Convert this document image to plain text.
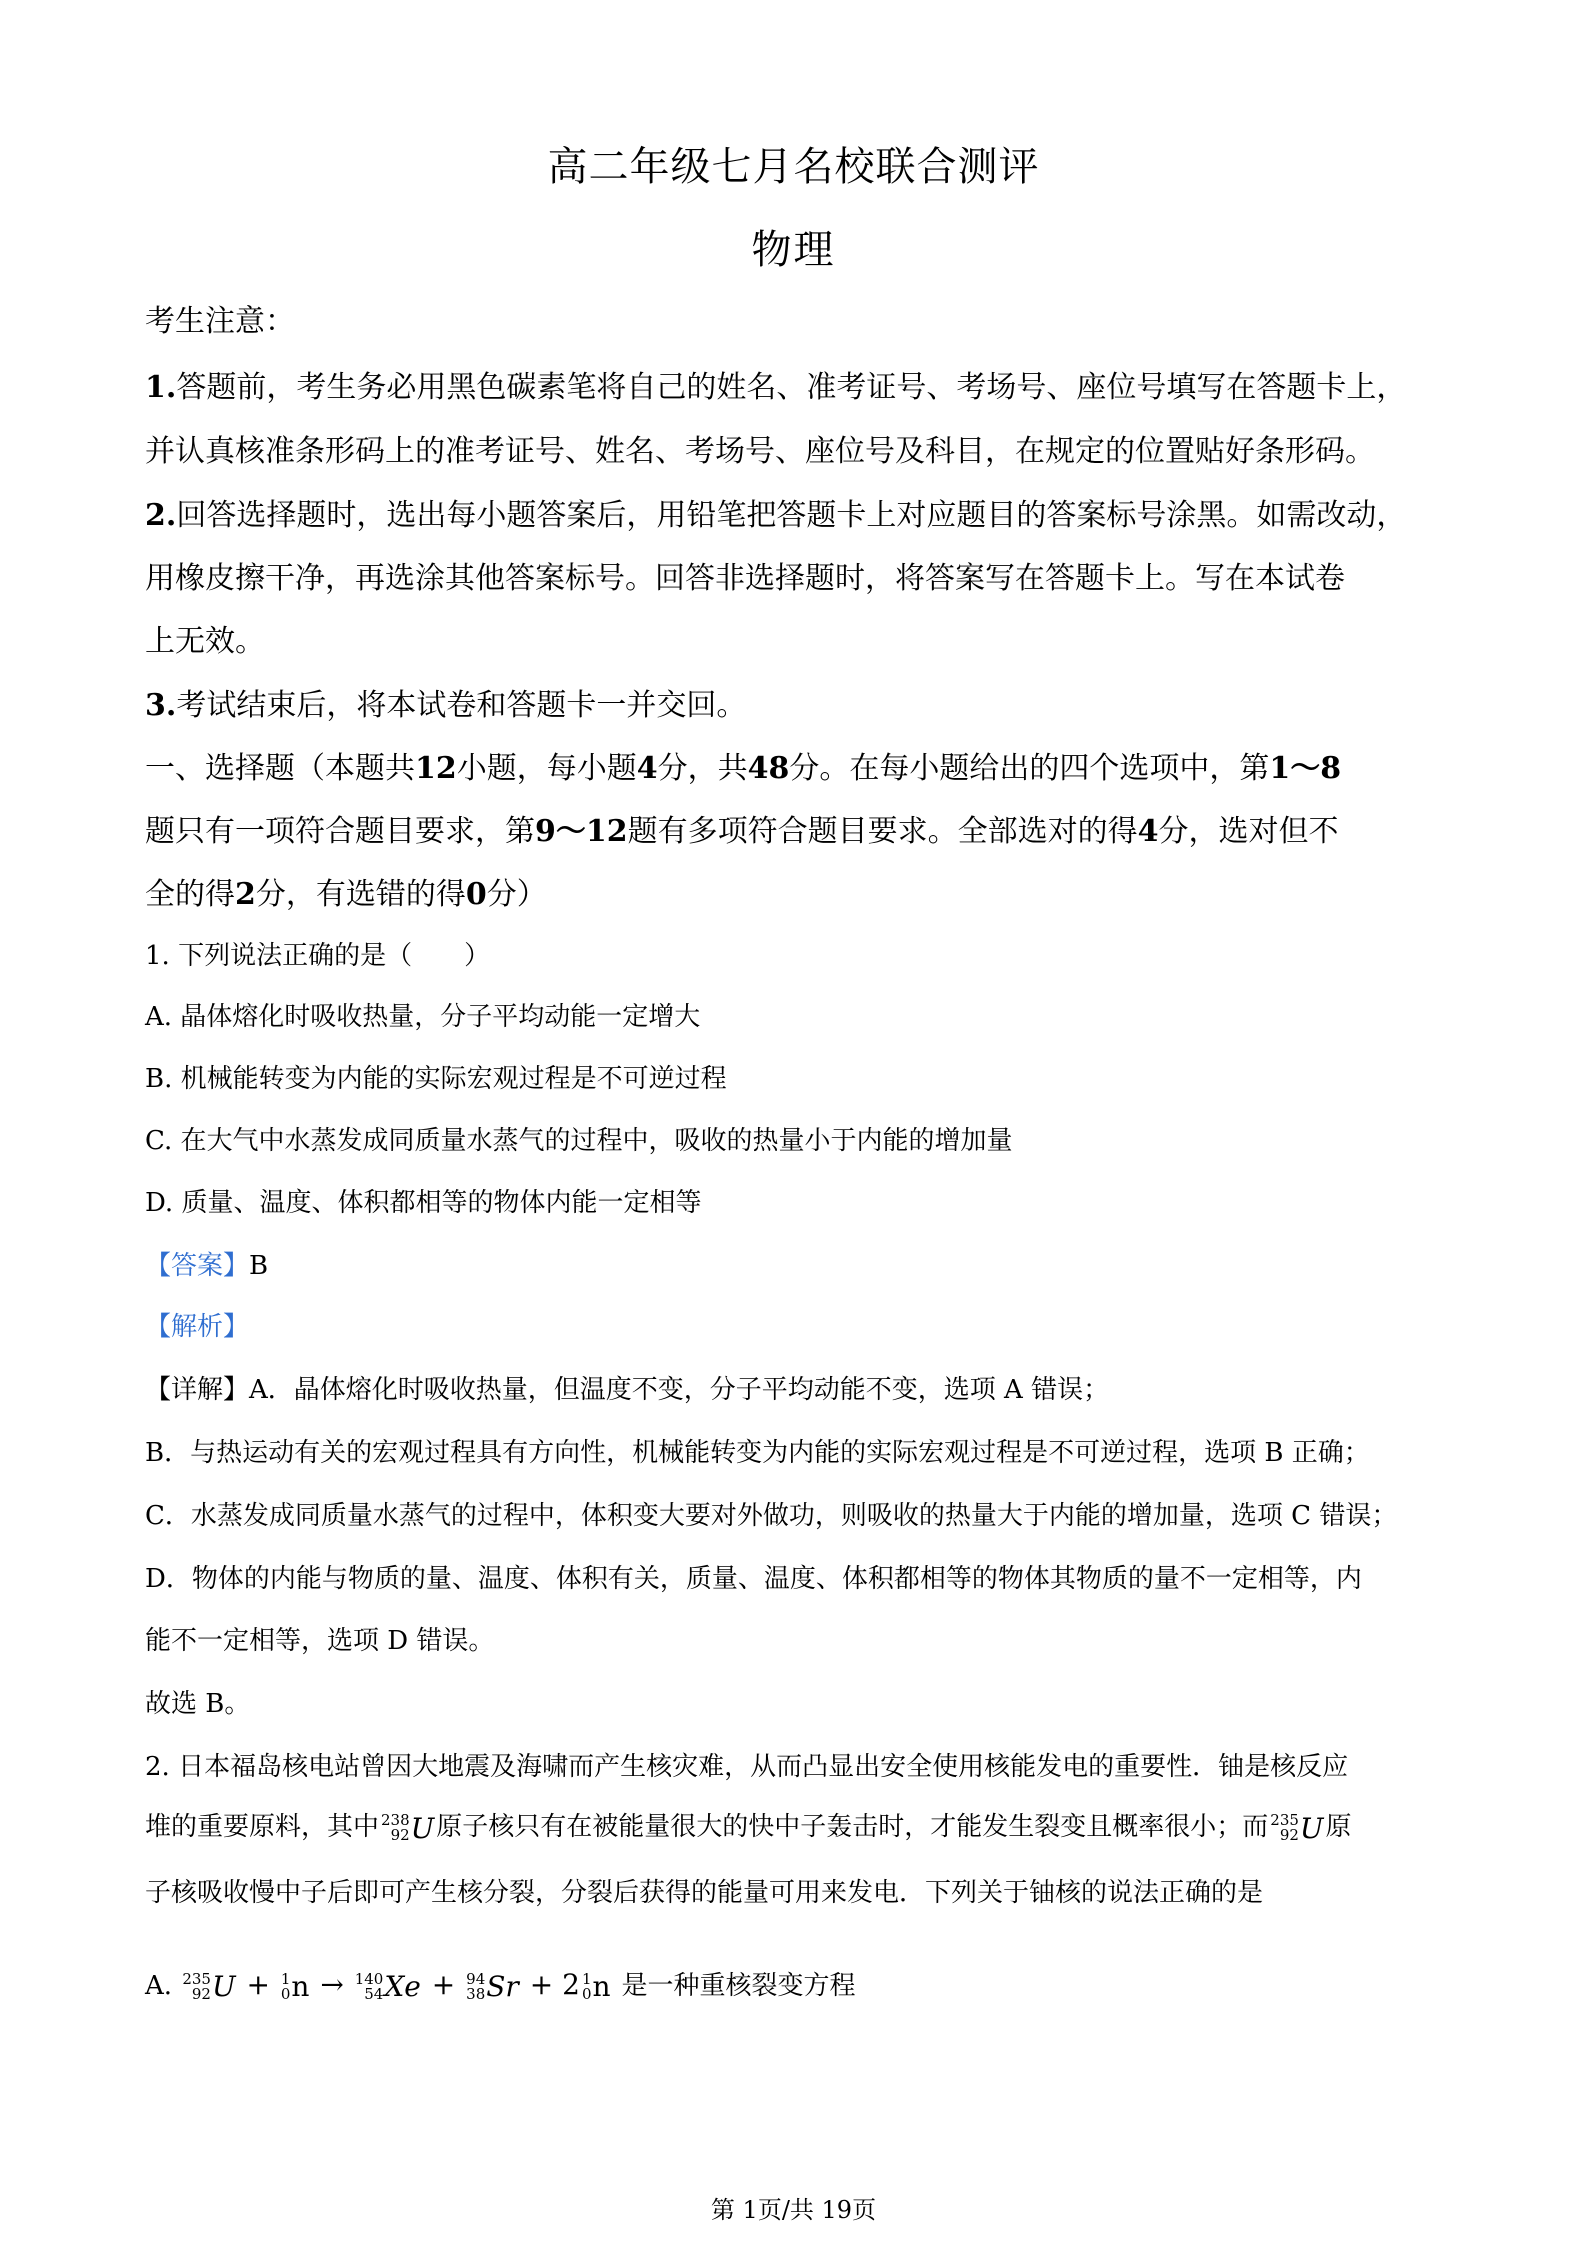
高二年级七月名校联合测评
物理
考生注意：
1.答题前，考生务必用黑色碳素笔将自己的姓名、准考证号、考场号、座位号填写在答题卡上，
并认真核准条形码上的准考证号、姓名、考场号、座位号及科目，在规定的位置贴好条形码。
2.回答选择题时，选出每小题答案后，用铅笔把答题卡上对应题目的答案标号涂黑。如需改动，
用橡皮擦干净，再选涂其他答案标号。回答非选择题时，将答案写在答题卡上。写在本试卷
上无效。
3.考试结束后，将本试卷和答题卡一并交回。
一、选择题（本题共12小题，每小题4分，共48分。在每小题给出的四个选项中，第1～8
题只有一项符合题目要求，第9～12题有多项符合题目要求。全部选对的得4分，选对但不
全的得2分，有选错的得0分）
1. 下列说法正确的是（　　）
A. 晶体熔化时吸收热量，分子平均动能一定增大
B. 机械能转变为内能的实际宏观过程是不可逆过程
C. 在大气中水蒸发成同质量水蒸气的过程中，吸收的热量小于内能的增加量
D. 质量、温度、体积都相等的物体内能一定相等
【答案】B
【解析】
【详解】A．晶体熔化时吸收热量，但温度不变，分子平均动能不变，选项 A 错误；
B．与热运动有关的宏观过程具有方向性，机械能转变为内能的实际宏观过程是不可逆过程，选项 B 正确；
C．水蒸发成同质量水蒸气的过程中，体积变大要对外做功，则吸收的热量大于内能的增加量，选项 C 错误；
D．物体的内能与物质的量、温度、体积有关，质量、温度、体积都相等的物体其物质的量不一定相等，内
能不一定相等，选项 D 错误。
故选 B。
2. 日本福岛核电站曾因大地震及海啸而产生核灾难，从而凸显出安全使用核能发电的重要性．铀是核反应
堆的重要原料，其中 238
92 U 原子核只有在被能量很大的快中子轰击时，才能发生裂变且概率很小；而 235
92 U 原
子核吸收慢中子后即可产生核分裂，分裂后获得的能量可用来发电．下列关于铀核的说法正确的是
A. 235
92 U + 1
0 n → 140
54 Xe + 94
38 Sr + 2 1
0 n 是一种重核裂变方程
第 1页/共 19页
